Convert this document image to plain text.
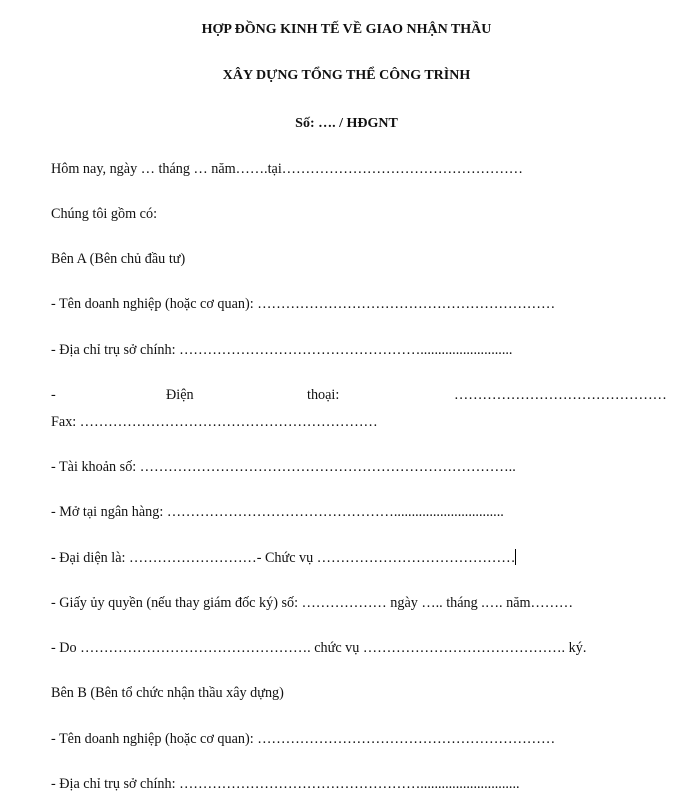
HỢP ĐỒNG KINH TẾ VỀ GIAO NHẬN THẦU
XÂY DỰNG TỔNG THỂ CÔNG TRÌNH
Số: …. / HĐGNT
Hôm nay, ngày … tháng … năm…….tại……………………………………………
Chúng tôi gồm có:
Bên A (Bên chủ đầu tư)
- Tên doanh nghiệp (hoặc cơ quan): ………………………………………………………
- Địa chỉ trụ sở chính: ……………………………………………..........................
-	Điện	thoại:	………………………………………
Fax: ………………………………………………………
- Tài khoản số: ……………………………………………………………………..
- Mở tại ngân hàng: …………………………………………...............................
- Đại diện là: ………………………- Chức vụ ……………………………………
- Giấy ủy quyền (nếu thay giám đốc ký) số: ……………… ngày ….. tháng .…. năm………
- Do …………………………………………. chức vụ ……………………………………. ký.
Bên B (Bên tổ chức nhận thầu xây dựng)
- Tên doanh nghiệp (hoặc cơ quan): ………………………………………………………
- Địa chỉ trụ sở chính: ……………………………………………............................
